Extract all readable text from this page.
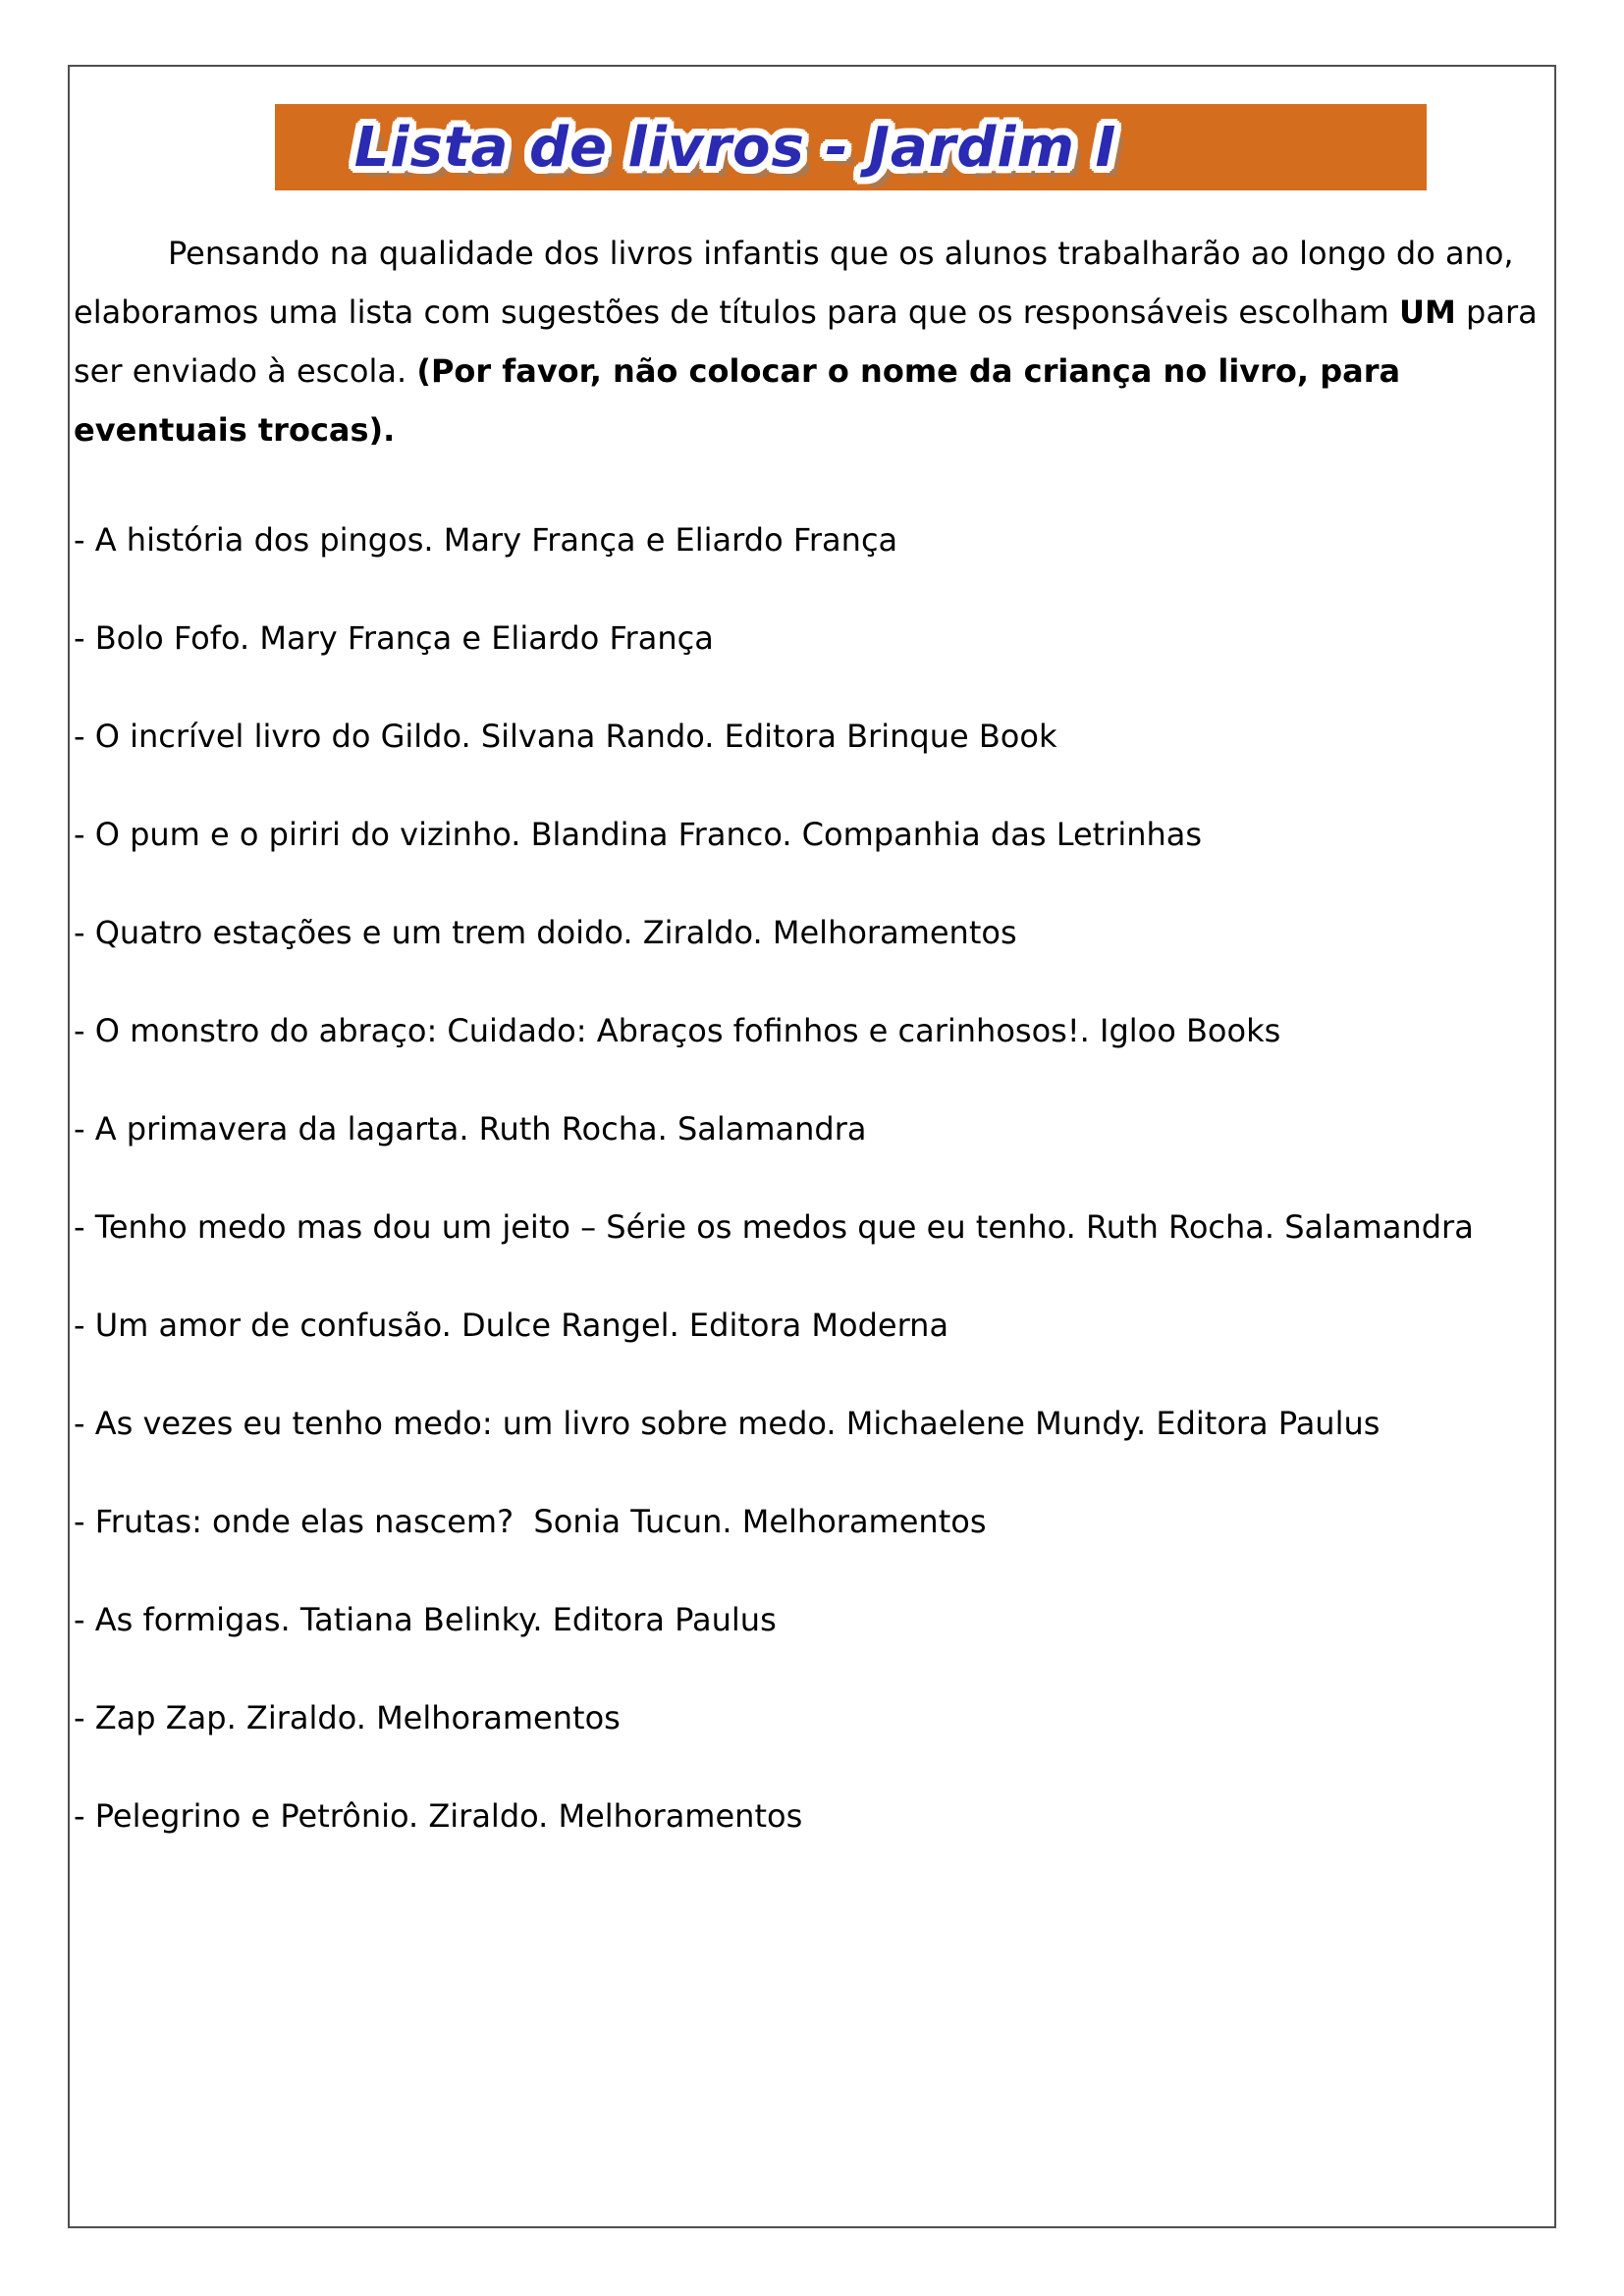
Lista de livros - Jardim I

Pensando na qualidade dos livros infantis que os alunos trabalharão ao longo do ano, elaboramos uma lista com sugestões de títulos para que os responsáveis escolham UM para ser enviado à escola. (Por favor, não colocar o nome da criança no livro, para eventuais trocas).

- A história dos pingos. Mary França e Eliardo França
- Bolo Fofo. Mary França e Eliardo França
- O incrível livro do Gildo. Silvana Rando. Editora Brinque Book
- O pum e o piriri do vizinho. Blandina Franco. Companhia das Letrinhas
- Quatro estações e um trem doido. Ziraldo. Melhoramentos
- O monstro do abraço: Cuidado: Abraços fofinhos e carinhosos!. Igloo Books
- A primavera da lagarta. Ruth Rocha. Salamandra
- Tenho medo mas dou um jeito – Série os medos que eu tenho. Ruth Rocha. Salamandra
- Um amor de confusão. Dulce Rangel. Editora Moderna
- As vezes eu tenho medo: um livro sobre medo. Michaelene Mundy. Editora Paulus
- Frutas: onde elas nascem?  Sonia Tucun. Melhoramentos
- As formigas. Tatiana Belinky. Editora Paulus
- Zap Zap. Ziraldo. Melhoramentos
- Pelegrino e Petrônio. Ziraldo. Melhoramentos
